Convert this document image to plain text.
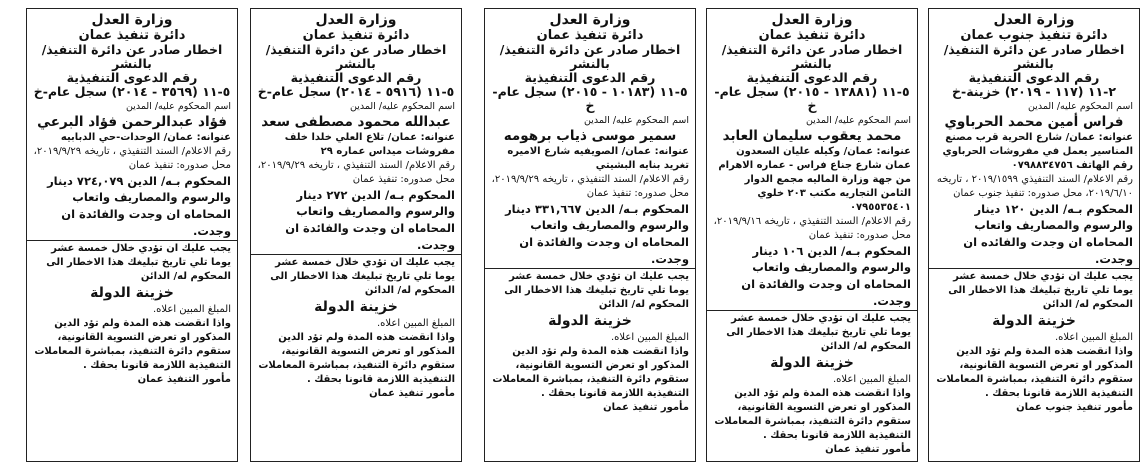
وزارة العدل
دائرة تنفيذ جنوب عمان
اخطار صادر عن دائرة التنفيذ/بالنشر
رقم الدعوى التنفيذية
٢-١١ (١١٧ - ٢٠١٩) خزينة-خ
اسم المحكوم عليه/ المدين
فراس أمين محمد الحرباوي
عنوانه: عمان/ شارع الحرية قرب مصنع المناسير يعمل في مفروشات الحرباوي رقم الهاتف ٠٧٩٨٨٣٤٧٥٦
رقم الاعلام/ السند التنفيذي ٢٠١٩/١٥٩٩ ، تاريخه ٢٠١٩/٦/١٠، محل صدوره: تنفيذ جنوب عمان
المحكوم بـه/ الدين ١٢٠ دينار والرسوم والمصاريف واتعاب المحاماه ان وجدت والفائده ان وجدت.
يجب عليك ان تؤدي خلال خمسة عشر يوما تلي تاريخ تبليغك هذا الاخطار الى المحكوم له/ الدائن
خزينة الدولة
المبلغ المبين اعلاه.
واذا انقضت هذه المدة ولم تؤد الدين المذكور او تعرض التسوية القانونية، ستقوم دائرة التنفيذ، بمباشرة المعاملات التنفيذية اللازمة قانونا بحقك .
مأمور تنفيذ جنوب عمان
وزارة العدل
دائرة تنفيذ عمان
اخطار صادر عن دائرة التنفيذ/بالنشر
رقم الدعوى التنفيذية
٥-١١ (١٣٨٨١ - ٢٠١٥) سجل عام-خ
اسم المحكوم عليه/ المدين
محمد يعقوب سليمان العابد
عنوانه: عمان/ وكيله عليان السعدون عمان شارع جناع فراس - عماره الاهرام من جهة وزارة الماليه مجمع الدوار الثامن التجاريه مكتب ٢٠٣ خلوي ٠٧٩٥٥٣٥٤٠١
رقم الاعلام/ السند التنفيذي ، تاريخه ٢٠١٩/٩/١٦، محل صدوره: تنفيذ عمان
المحكوم بـه/ الدين ١٠٦ دينار والرسوم والمصاريف واتعاب المحاماه ان وجدت والفائدة ان وجدت.
يجب عليك ان تؤدي خلال خمسة عشر يوما تلي تاريخ تبليغك هذا الاخطار الى المحكوم له/ الدائن
خزينة الدولة
المبلغ المبين اعلاه.
واذا انقضت هذه المدة ولم تؤد الدين المذكور او تعرض التسوية القانونية، ستقوم دائرة التنفيذ، بمباشرة المعاملات التنفيذية اللازمة قانونا بحقك .
مأمور تنفيذ عمان
وزارة العدل
دائرة تنفيذ عمان
اخطار صادر عن دائرة التنفيذ/بالنشر
رقم الدعوى التنفيذية
٥-١١ (١٠١٨٣ - ٢٠١٥) سجل عام-خ
اسم المحكوم عليه/ المدين
سمير موسى ذياب برهومه
عنوانه: عمان/ الصويفيه شارع الاميره تغريد بنايه البشيتي
رقم الاعلام/ السند التنفيذي ، تاريخه ٢٠١٩/٩/٢٩، محل صدوره: تنفيذ عمان
المحكوم بـه/ الدين ٣٣١,٦٦٧ دينار والرسوم والمصاريف واتعاب المحاماه ان وجدت والفائدة ان وجدت.
يجب عليك ان تؤدي خلال خمسة عشر يوما تلي تاريخ تبليغك هذا الاخطار الى المحكوم له/ الدائن
خزينة الدولة
المبلغ المبين اعلاه.
واذا انقضت هذه المدة ولم تؤد الدين المذكور او تعرض التسوية القانونية، ستقوم دائرة التنفيذ، بمباشرة المعاملات التنفيذية اللازمة قانونا بحقك .
مأمور تنفيذ عمان
وزارة العدل
دائرة تنفيذ عمان
اخطار صادر عن دائرة التنفيذ/بالنشر
رقم الدعوى التنفيذية
٥-١١ (٥٩١٦ - ٢٠١٤) سجل عام-خ
اسم المحكوم عليه/ المدين
عبدالله محمود مصطفى سعد
عنوانه: عمان/ تلاع العلي خلدا خلف مفروشات ميداس عماره ٢٩
رقم الاعلام/ السند التنفيذي ، تاريخه ٢٠١٩/٩/٢٩، محل صدوره: تنفيذ عمان
المحكوم بـه/ الدين ٢٧٢ دينار والرسوم والمصاريف واتعاب المحاماه ان وجدت والفائدة ان وجدت.
يجب عليك ان تؤدي خلال خمسة عشر يوما تلي تاريخ تبليغك هذا الاخطار الى المحكوم له/ الدائن
خزينة الدولة
المبلغ المبين اعلاه.
واذا انقضت هذه المدة ولم تؤد الدين المذكور او تعرض التسوية القانونية، ستقوم دائرة التنفيذ، بمباشرة المعاملات التنفيذية اللازمة قانونا بحقك .
مأمور تنفيذ عمان
وزارة العدل
دائرة تنفيذ عمان
اخطار صادر عن دائرة التنفيذ/بالنشر
رقم الدعوى التنفيذية
٥-١١ (٣٥٦٩ - ٢٠١٤) سجل عام-خ
اسم المحكوم عليه/ المدين
فؤاد عبدالرحمن فؤاد البرعي
عنوانه: عمان/ الوحدات-حي الدبابيه
رقم الاعلام/ السند التنفيذي ، تاريخه ٢٠١٩/٩/٢٩، محل صدوره: تنفيذ عمان
المحكوم بـه/ الدين ٧٢٤,٠٧٩ دينار والرسوم والمصاريف واتعاب المحاماه ان وجدت والفائدة ان وجدت.
يجب عليك ان تؤدي خلال خمسة عشر يوما تلي تاريخ تبليغك هذا الاخطار الى المحكوم له/ الدائن
خزينة الدولة
المبلغ المبين اعلاه.
واذا انقضت هذه المدة ولم تؤد الدين المذكور او تعرض التسوية القانونية، ستقوم دائرة التنفيذ، بمباشرة المعاملات التنفيذية اللازمة قانونا بحقك .
مأمور التنفيذ عمان
